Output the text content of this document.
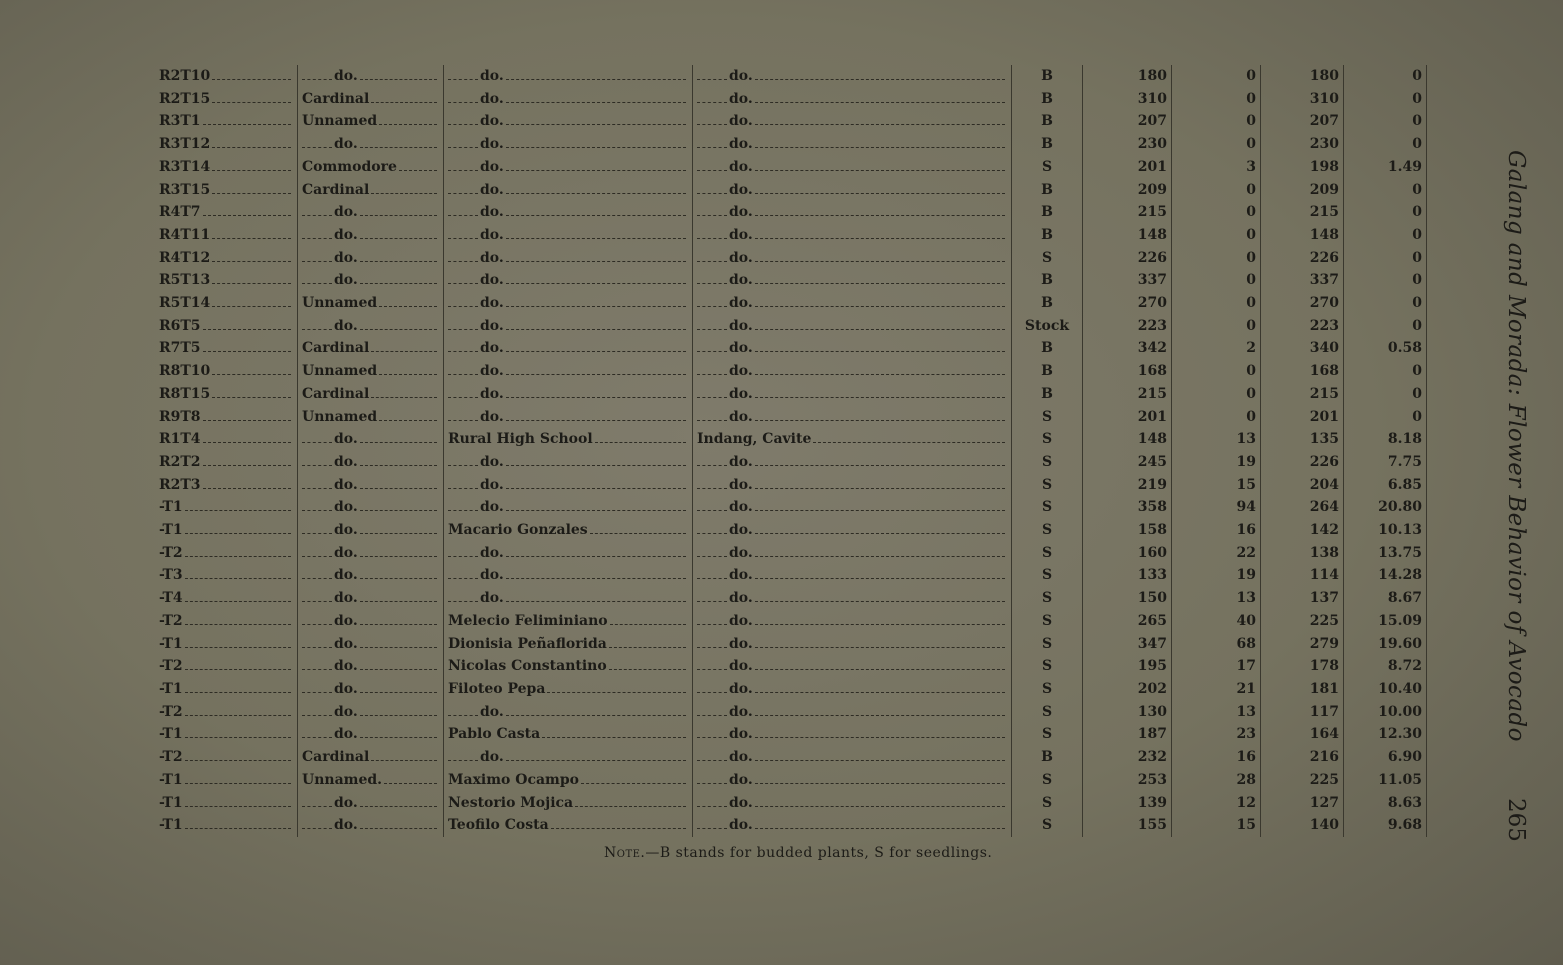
R2T10	do.	do.	do.	B	180	0	180	0

R2T15	Cardinal	do.	do.	B	310	0	310	0

R3T1	Unnamed	do.	do.	B	207	0	207	0

R3T12	do.	do.	do.	B	230	0	230	0

R3T14	Commodore	do.	do.	S	201	3	198	1.49

R3T15	Cardinal	do.	do.	B	209	0	209	0

R4T7	do.	do.	do.	B	215	0	215	0

R4T11	do.	do.	do.	B	148	0	148	0

R4T12	do.	do.	do.	S	226	0	226	0

R5T13	do.	do.	do.	B	337	0	337	0

R5T14	Unnamed	do.	do.	B	270	0	270	0

R6T5	do.	do.	do.	Stock	223	0	223	0

R7T5	Cardinal	do.	do.	B	342	2	340	0.58

R8T10	Unnamed	do.	do.	B	168	0	168	0

R8T15	Cardinal	do.	do.	B	215	0	215	0

R9T8	Unnamed	do.	do.	S	201	0	201	0

R1T4	do.	Rural High School	Indang, Cavite	S	148	13	135	8.18

R2T2	do.	do.	do.	S	245	19	226	7.75

R2T3	do.	do.	do.	S	219	15	204	6.85

-T1	do.	do.	do.	S	358	94	264	20.80

-T1	do.	Macario Gonzales	do.	S	158	16	142	10.13

-T2	do.	do.	do.	S	160	22	138	13.75

-T3	do.	do.	do.	S	133	19	114	14.28

-T4	do.	do.	do.	S	150	13	137	8.67

-T2	do.	Melecio Feliminiano	do.	S	265	40	225	15.09

-T1	do.	Dionisia Peñaflorida	do.	S	347	68	279	19.60

-T2	do.	Nicolas Constantino	do.	S	195	17	178	8.72

-T1	do.	Filoteo Pepa	do.	S	202	21	181	10.40

-T2	do.	do.	do.	S	130	13	117	10.00

-T1	do.	Pablo Casta	do.	S	187	23	164	12.30

-T2	Cardinal	do.	do.	B	232	16	216	6.90

-T1	Unnamed.	Maximo Ocampo	do.	S	253	28	225	11.05

-T1	do.	Nestorio Mojica	do.	S	139	12	127	8.63

-T1	do.	Teofilo Costa	do.	S	155	15	140	9.68
Note.—B stands for budded plants, S for seedlings.
Galang and Morada: Flower Behavior of Avocado
265
